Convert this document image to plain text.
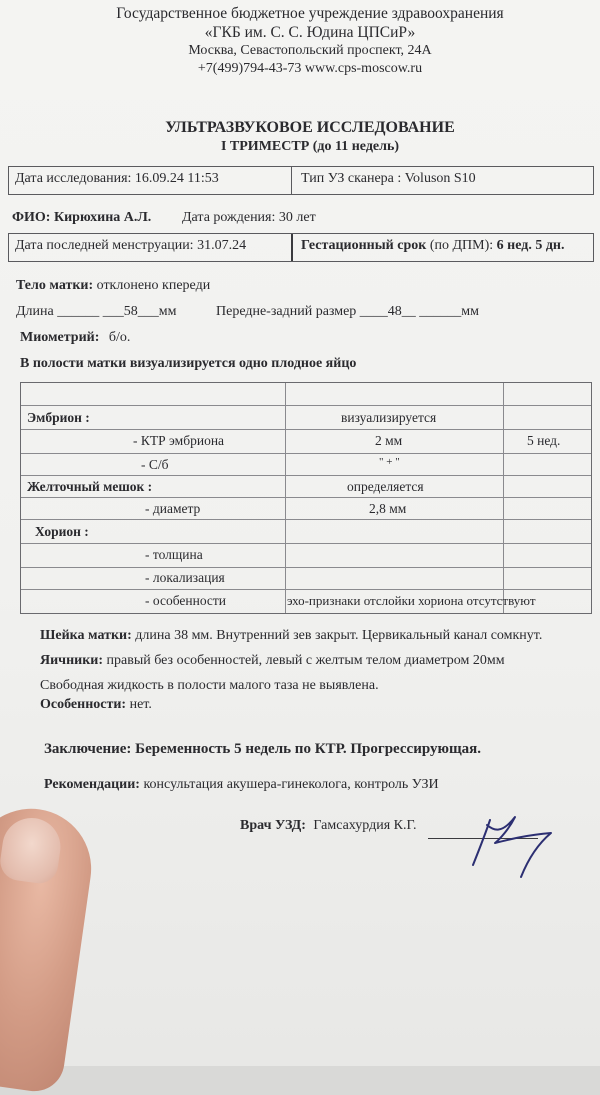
Государственное бюджетное учреждение здравоохранения
«ГКБ им. С. С. Юдина ЦПСиР»
Москва, Севастопольский проспект, 24А
+7(499)794-43-73 www.cps-moscow.ru
УЛЬТРАЗВУКОВОЕ ИССЛЕДОВАНИЕ
I ТРИМЕСТР (до 11 недель)
Дата исследования: 16.09.24 11:53	Тип УЗ сканера : Voluson S10
ФИО: Кирюхина А.Л. Дата рождения: 30 лет
Дата последней менструации: 31.07.24	Гестационный срок (по ДПМ): 6 нед. 5 дн.
Тело матки: отклонено кпереди
Длина ______ ___58___мм	Передне-задний размер ____48__ ______мм
Миометрий: б/о.
В полости матки визуализируется одно плодное яйцо
Эмбрион :	визуализируется
- КТР эмбриона	2 мм	5 нед.
- С/б	" + "
Желточный мешок :	определяется
- диаметр	2,8 мм
Хорион :
- толщина
- локализация
- особенности	эхо-признаки отслойки хориона отсутствуют
Шейка матки: длина 38 мм. Внутренний зев закрыт. Цервикальный канал сомкнут.
Яичники: правый без особенностей, левый с желтым телом диаметром 20мм
Свободная жидкость в полости малого таза не выявлена.
Особенности: нет.
Заключение: Беременность 5 недель по КТР. Прогрессирующая.
Рекомендации: консультация акушера-гинеколога, контроль УЗИ
Врач УЗД: Гамсахурдия К.Г.
